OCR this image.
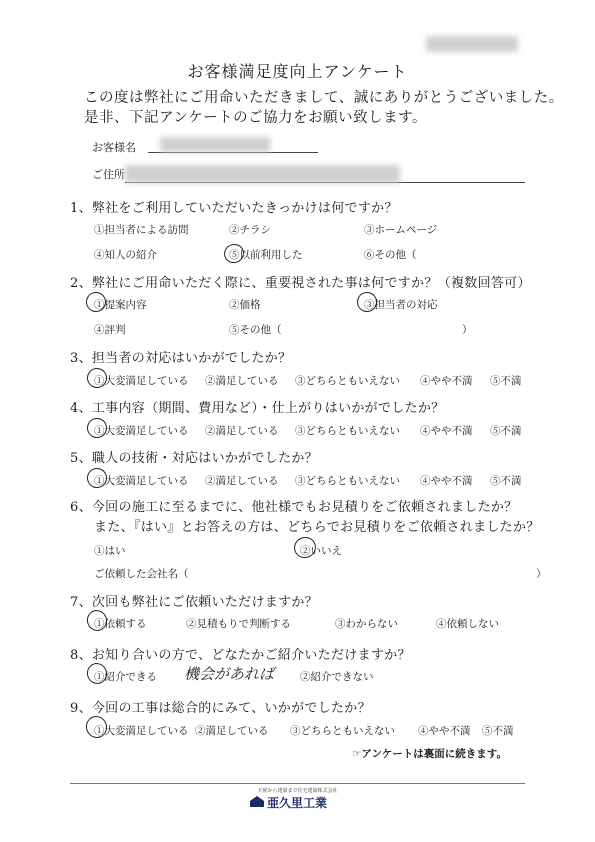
お客様満足度向上アンケート
この度は弊社にご用命いただきまして、誠にありがとうございました。
是非、下記アンケートのご協力をお願い致します。
お客様名
ご住所
1、弊社をご利用していただいたきっかけは何ですか？
①担当者による訪問	②チラシ	③ホームページ
④知人の紹介	⑤以前利用した	⑥その他（
2、弊社にご用命いただく際に、重要視された事は何ですか？（複数回答可）
①提案内容	②価格	③担当者の対応
④評判	⑤その他（	）
3、担当者の対応はいかがでしたか？
①大変満足している ②満足している ③どちらともいえない ④やや不満 ⑤不満
4、工事内容（期間、費用など）・仕上がりはいかがでしたか？
①大変満足している ②満足している ③どちらともいえない ④やや不満 ⑤不満
5、職人の技術・対応はいかがでしたか？
①大変満足している ②満足している ③どちらともいえない ④やや不満 ⑤不満
6、今回の施工に至るまでに、他社様でもお見積りをご依頼されましたか？
また、『はい』とお答えの方は、どちらでお見積りをご依頼されましたか？
①はい	②いいえ
ご依頼した会社名（	）
7、次回も弊社にご依頼いただけますか？
①依頼する	②見積もりで判断する	③わからない	④依頼しない
8、お知り合いの方で、どなたかご紹介いただけますか？
①紹介できる 機会があれば ②紹介できない
9、今回の工事は総合的にみて、いかがでしたか？
①大変満足している ②満足している ③どちらともいえない ④やや不満 ⑤不満
☞アンケートは裏面に続きます。
天候から建築まで住宅建築株式会社
亜久里工業
